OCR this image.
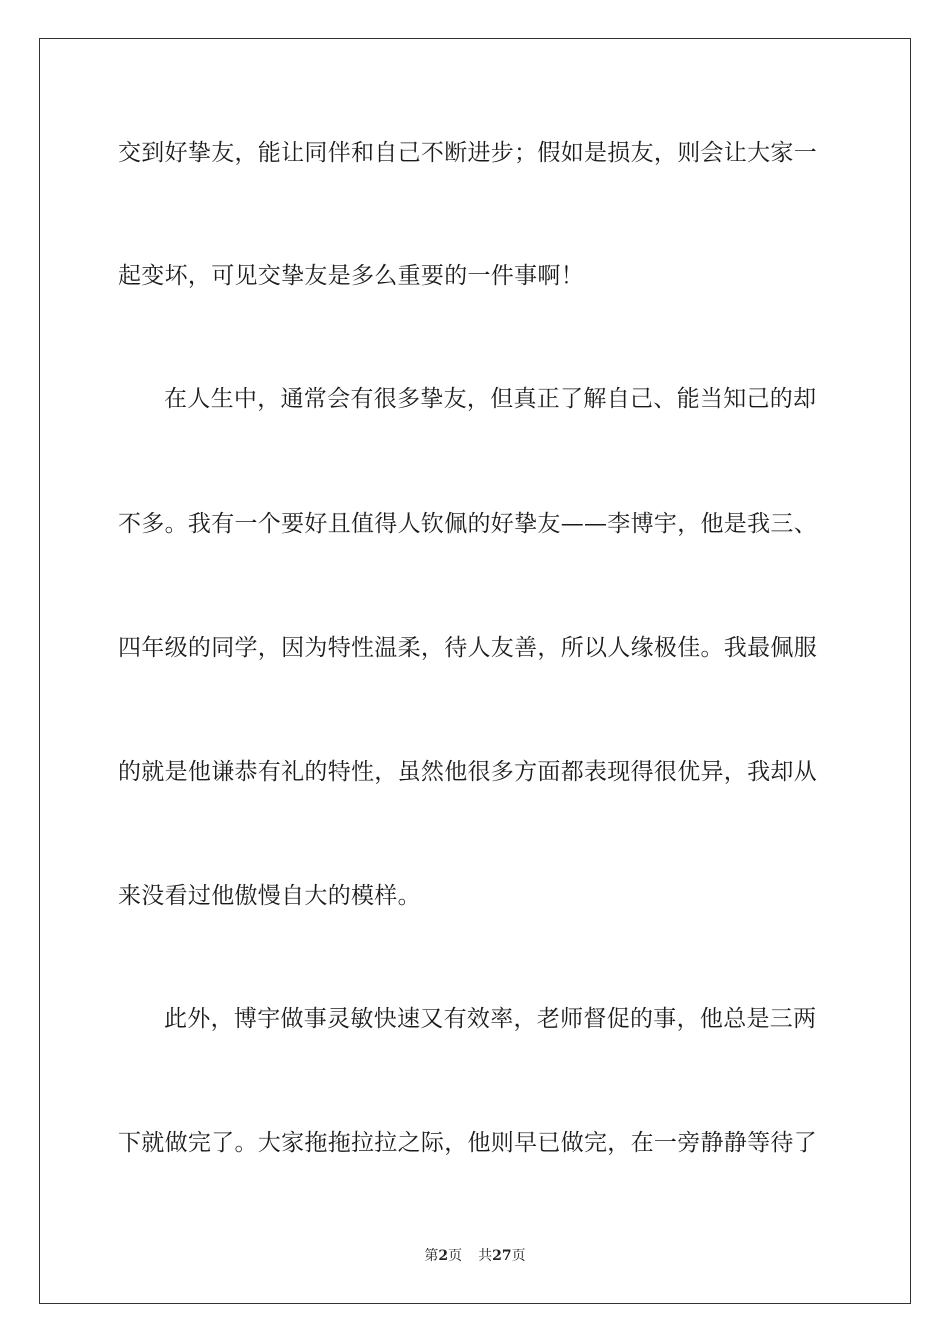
交到好挚友，能让同伴和自己不断进步；假如是损友，则会让大家一
起变坏，可见交挚友是多么重要的一件事啊！
在人生中，通常会有很多挚友，但真正了解自己、能当知己的却
不多。我有一个要好且值得人钦佩的好挚友——李博宇，他是我三、
四年级的同学，因为特性温柔，待人友善，所以人缘极佳。我最佩服
的就是他谦恭有礼的特性，虽然他很多方面都表现得很优异，我却从
来没看过他傲慢自大的模样。
此外，博宇做事灵敏快速又有效率，老师督促的事，他总是三两
下就做完了。大家拖拖拉拉之际，他则早已做完，在一旁静静等待了
第2页 共27页
